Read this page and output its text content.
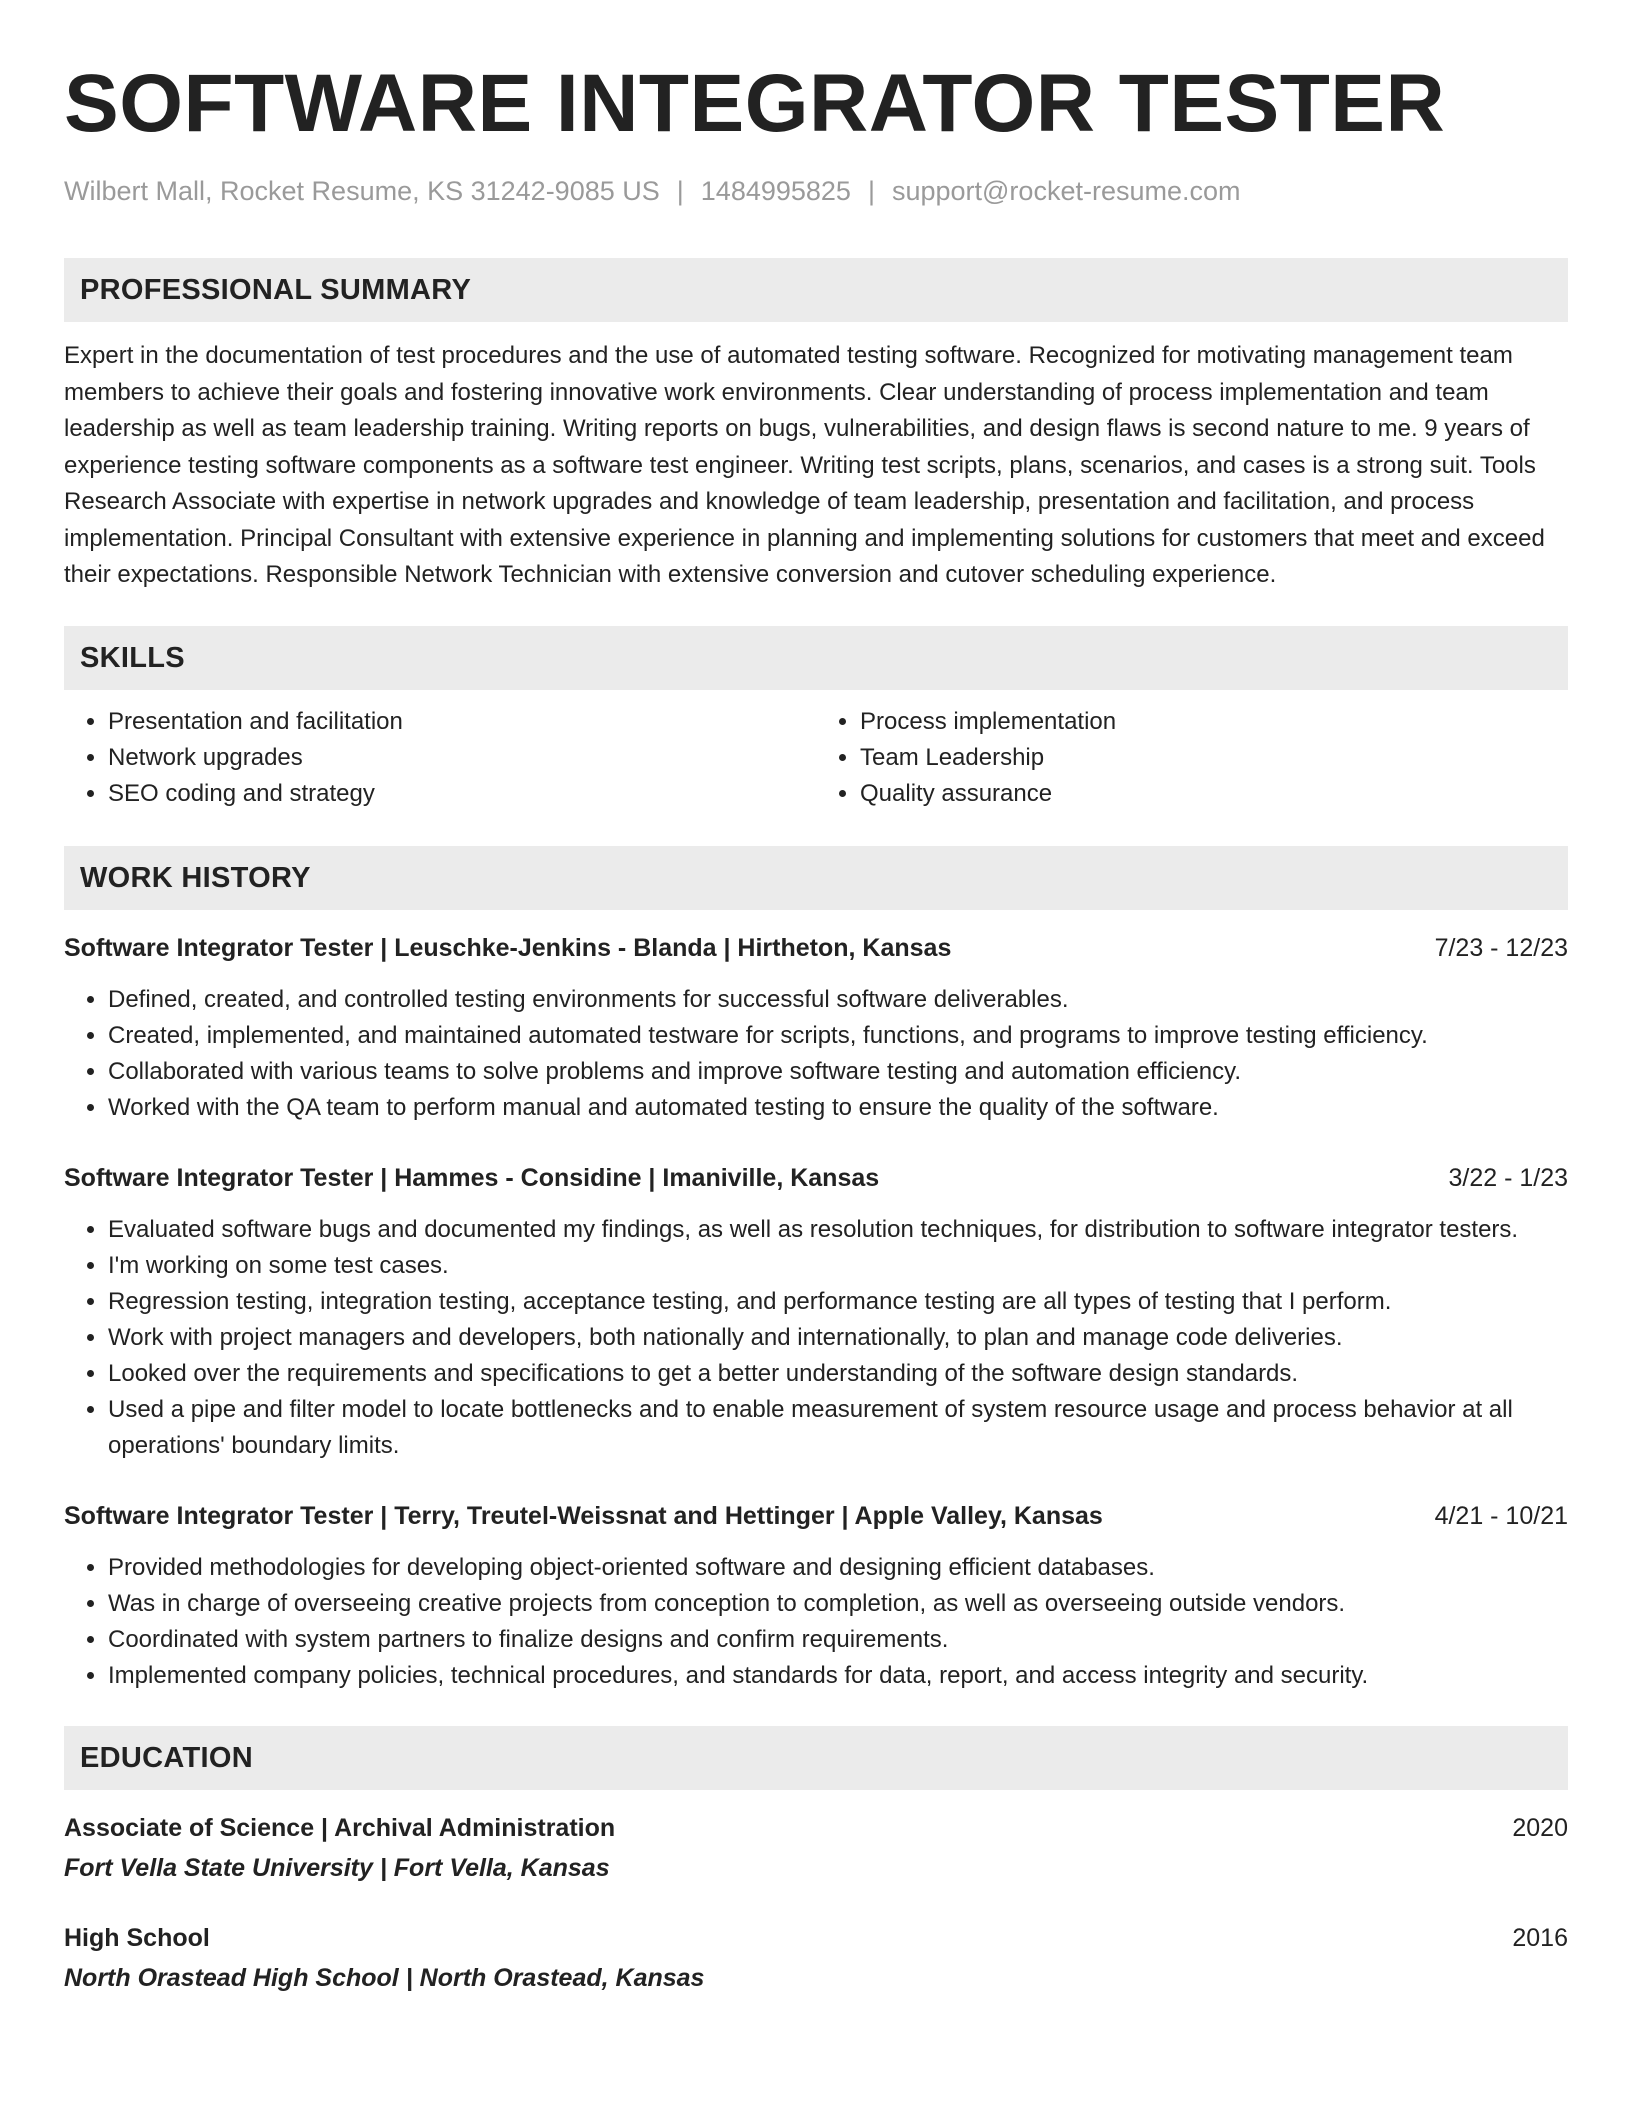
SOFTWARE INTEGRATOR TESTER
Wilbert Mall, Rocket Resume, KS 31242-9085 US | 1484995825 | support@rocket-resume.com
PROFESSIONAL SUMMARY
Expert in the documentation of test procedures and the use of automated testing software. Recognized for motivating management team members to achieve their goals and fostering innovative work environments. Clear understanding of process implementation and team leadership as well as team leadership training. Writing reports on bugs, vulnerabilities, and design flaws is second nature to me. 9 years of experience testing software components as a software test engineer. Writing test scripts, plans, scenarios, and cases is a strong suit. Tools Research Associate with expertise in network upgrades and knowledge of team leadership, presentation and facilitation, and process implementation. Principal Consultant with extensive experience in planning and implementing solutions for customers that meet and exceed their expectations. Responsible Network Technician with extensive conversion and cutover scheduling experience.
SKILLS
• Presentation and facilitation
• Network upgrades
• SEO coding and strategy
• Process implementation
• Team Leadership
• Quality assurance
WORK HISTORY
Software Integrator Tester | Leuschke-Jenkins - Blanda | Hirtheton, Kansas	7/23 - 12/23
• Defined, created, and controlled testing environments for successful software deliverables.
• Created, implemented, and maintained automated testware for scripts, functions, and programs to improve testing efficiency.
• Collaborated with various teams to solve problems and improve software testing and automation efficiency.
• Worked with the QA team to perform manual and automated testing to ensure the quality of the software.
Software Integrator Tester | Hammes - Considine | Imaniville, Kansas	3/22 - 1/23
• Evaluated software bugs and documented my findings, as well as resolution techniques, for distribution to software integrator testers.
• I'm working on some test cases.
• Regression testing, integration testing, acceptance testing, and performance testing are all types of testing that I perform.
• Work with project managers and developers, both nationally and internationally, to plan and manage code deliveries.
• Looked over the requirements and specifications to get a better understanding of the software design standards.
• Used a pipe and filter model to locate bottlenecks and to enable measurement of system resource usage and process behavior at all operations' boundary limits.
Software Integrator Tester | Terry, Treutel-Weissnat and Hettinger | Apple Valley, Kansas	4/21 - 10/21
• Provided methodologies for developing object-oriented software and designing efficient databases.
• Was in charge of overseeing creative projects from conception to completion, as well as overseeing outside vendors.
• Coordinated with system partners to finalize designs and confirm requirements.
• Implemented company policies, technical procedures, and standards for data, report, and access integrity and security.
EDUCATION
Associate of Science | Archival Administration	2020
Fort Vella State University | Fort Vella, Kansas
High School	2016
North Orastead High School | North Orastead, Kansas
